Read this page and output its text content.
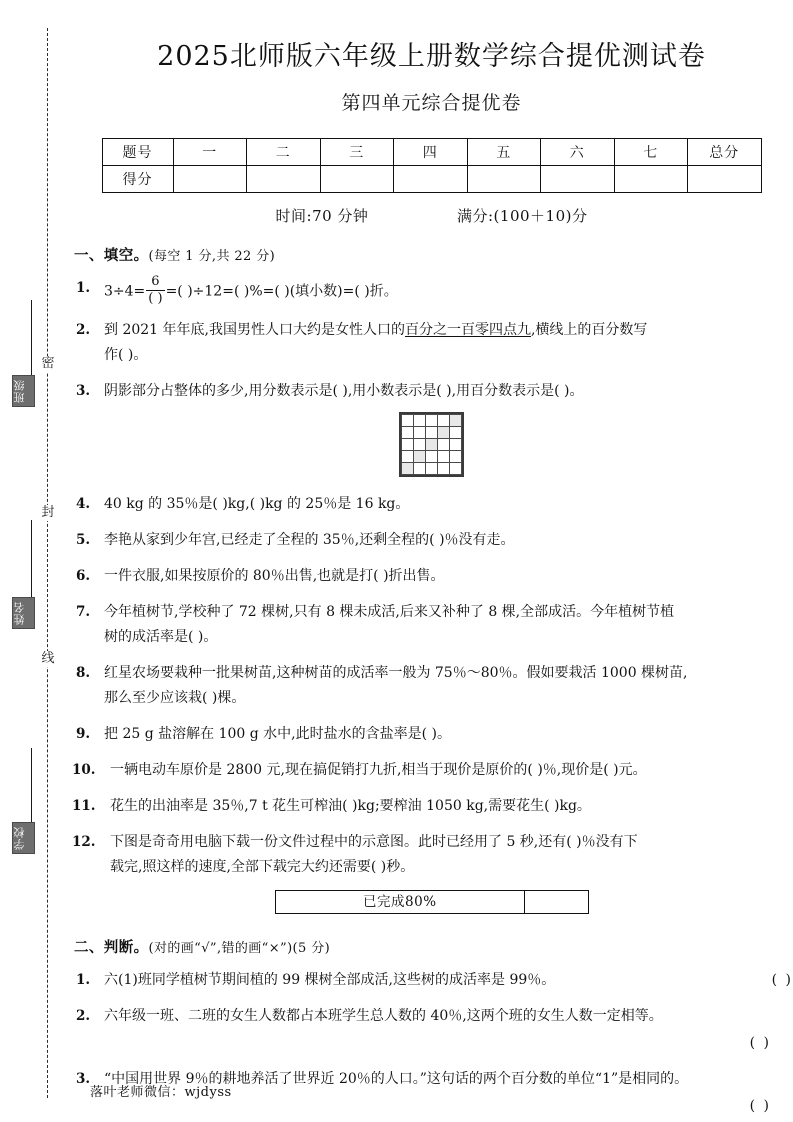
密
封
线
班级
姓名
学校
2025北师版六年级上册数学综合提优测试卷
第四单元综合提优卷
题号	一	二	三	四	五	六	七	总分
得分								
时间:70 分钟	满分:(100＋10)分
一、填空。(每空 1 分,共 22 分)
1. $3\div 4= \frac{6}{( )}$ =( )÷12=( )%=( )(填小数)=( )折。
2. 到 2021 年年底,我国男性人口大约是女性人口的百分之一百零四点九,横线上的百分数写
作( )。
3. 阴影部分占整体的多少,用分数表示是( ),用小数表示是( ),用百分数表示是( )。

4. 40 kg 的 35％是( )kg,( )kg 的 25％是 16 kg。
5. 李艳从家到少年宫,已经走了全程的 35％,还剩全程的( )％没有走。
6. 一件衣服,如果按原价的 80％出售,也就是打( )折出售。
7. 今年植树节,学校种了 72 棵树,只有 8 棵未成活,后来又补种了 8 棵,全部成活。今年植树节植
树的成活率是( )。
8. 红星农场要栽种一批果树苗,这种树苗的成活率一般为 75％～80％。假如要栽活 1000 棵树苗,
那么至少应该栽( )棵。
9. 把 25 g 盐溶解在 100 g 水中,此时盐水的含盐率是( )。
10. 一辆电动车原价是 2800 元,现在搞促销打九折,相当于现价是原价的( )％,现价是( )元。
11. 花生的出油率是 35％,7 t 花生可榨油( )kg;要榨油 1050 kg,需要花生( )kg。
12. 下图是奇奇用电脑下载一份文件过程中的示意图。此时已经用了 5 秒,还有( )％没有下
载完,照这样的速度,全部下载完大约还需要( )秒。
已完成80%
二、判断。(对的画“√”,错的画“×”)(5 分)
1.	( )
六(1)班同学植树节期间植的 99 棵树全部成活,这些树的成活率是 99％。
2. 六年级一班、二班的女生人数都占本班学生总人数的 40％,这两个班的女生人数一定相等。
( )
3. “中国用世界 9％的耕地养活了世界近 20％的人口。”这句话的两个百分数的单位“1”是相同的。
( )
落叶老师微信：wjdyss
